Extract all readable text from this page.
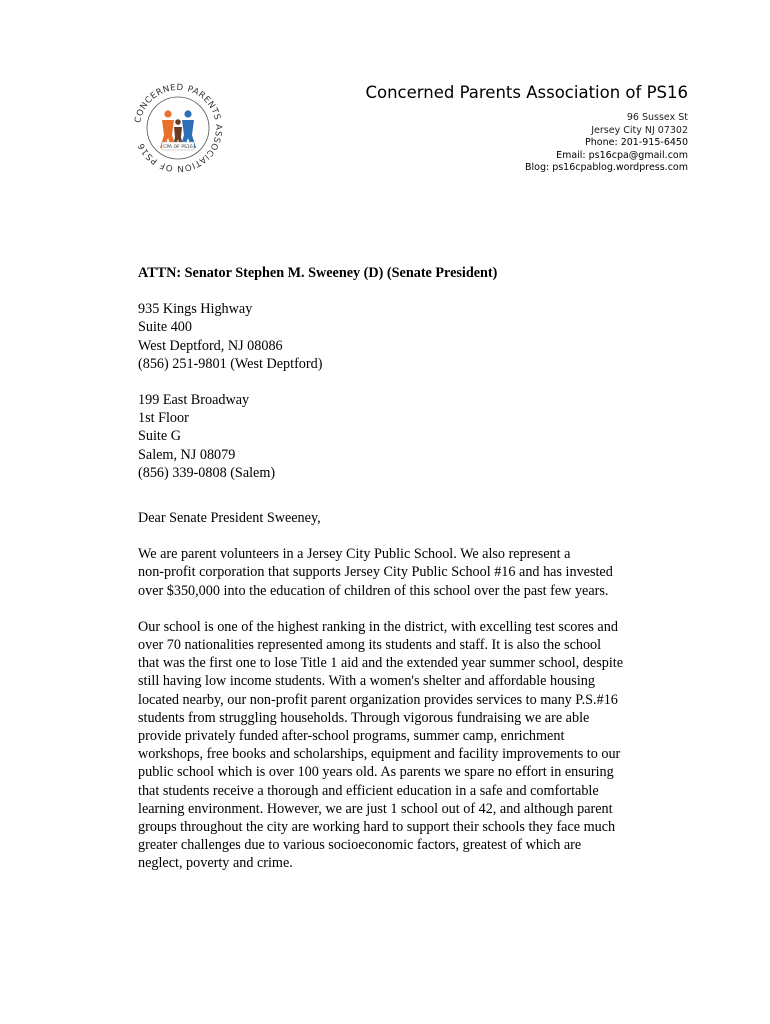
CONCERNED PARENTS ASSOCIATION OF PS16	CPA OF PS16
Concerned Parents Association of PS16
96 Sussex St
Jersey City NJ 07302
Phone: 201-915-6450
Email: ps16cpa@gmail.com
Blog: ps16cpablog.wordpress.com
ATTN: Senator Stephen M. Sweeney (D) (Senate President)
935 Kings Highway
Suite 400
West Deptford, NJ 08086
(856) 251-9801 (West Deptford)
199 East Broadway
1st Floor
Suite G
Salem, NJ 08079
(856) 339-0808 (Salem)
Dear Senate President Sweeney,
We are parent volunteers in a Jersey City Public School. We also represent a
non-profit corporation that supports Jersey City Public School #16 and has invested
over $350,000 into the education of children of this school over the past few years.
Our school is one of the highest ranking in the district, with excelling test scores and
over 70 nationalities represented among its students and staff. It is also the school
that was the first one to lose Title 1 aid and the extended year summer school, despite
still having low income students. With a women's shelter and affordable housing
located nearby, our non-profit parent organization provides services to many P.S.#16
students from struggling households. Through vigorous fundraising we are able
provide privately funded after-school programs, summer camp, enrichment
workshops, free books and scholarships, equipment and facility improvements to our
public school which is over 100 years old. As parents we spare no effort in ensuring
that students receive a thorough and efficient education in a safe and comfortable
learning environment. However, we are just 1 school out of 42, and although parent
groups throughout the city are working hard to support their schools they face much
greater challenges due to various socioeconomic factors, greatest of which are
neglect, poverty and crime.
